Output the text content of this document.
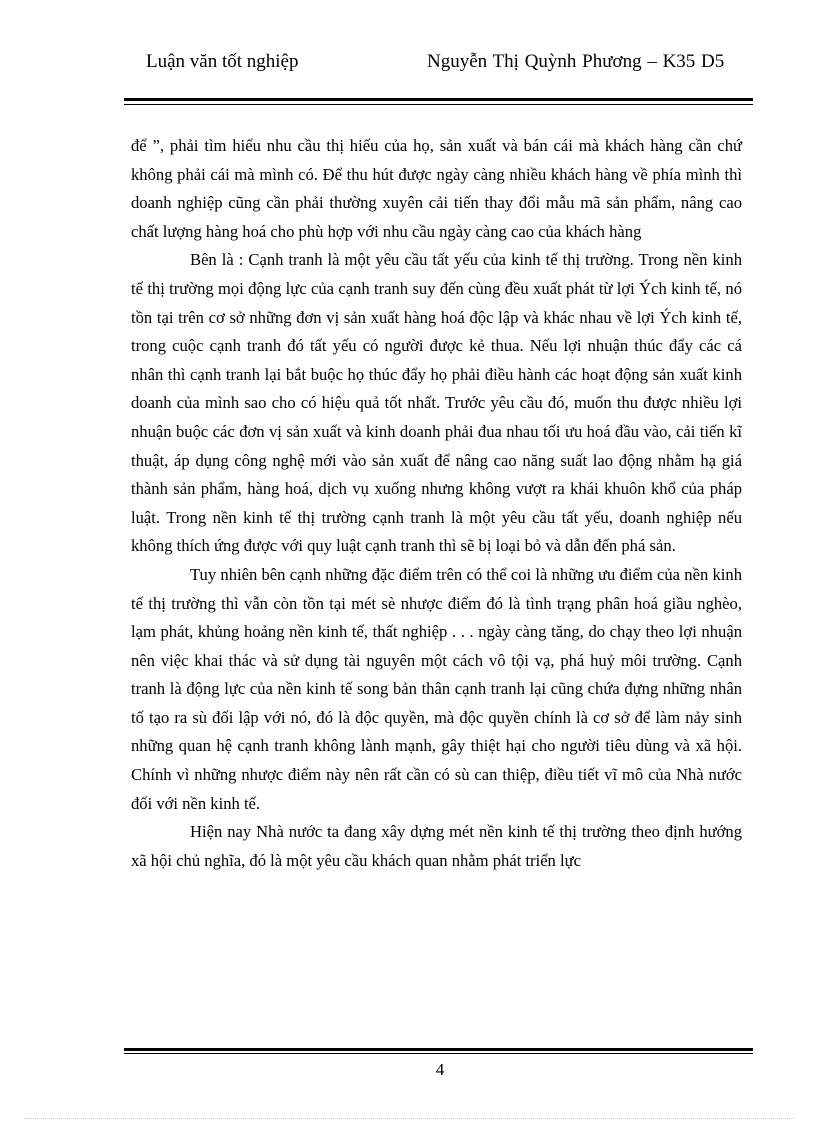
Luận văn tốt nghiệp	Nguyễn Thị Quỳnh Phương – K35 D5

để ”, phải tìm hiểu nhu cầu thị hiếu của họ, sản xuất và bán cái mà khách hàng cần chứ không phải cái mà mình có. Để thu hút được ngày càng nhiều khách hàng về phía mình thì doanh nghiệp cũng cần phải thường xuyên cải tiến thay đổi mẫu mã sản phẩm, nâng cao chất lượng hàng hoá cho phù hợp với nhu cầu ngày càng cao của khách hàng

Bên là : Cạnh tranh là một yêu cầu tất yếu của kinh tế thị trường. Trong nền kinh tế thị trường mọi động lực của cạnh tranh suy đến cùng đều xuất phát từ lợi Ých kinh tế, nó tồn tại trên cơ sở những đơn vị sản xuất hàng hoá độc lập và khác nhau về lợi Ých kinh tế, trong cuộc cạnh tranh đó tất yếu có người được kẻ thua. Nếu lợi nhuận thúc đẩy các cá nhân thì cạnh tranh lại bắt buộc họ thúc đẩy họ phải điều hành các hoạt động sản xuất kinh doanh của mình sao cho có hiệu quả tốt nhất. Trước yêu cầu đó, muốn thu được nhiều lợi nhuận buộc các đơn vị sản xuất và kinh doanh phải đua nhau tối ưu hoá đầu vào, cải tiến kĩ thuật, áp dụng công nghệ mới vào sản xuất để nâng cao năng suất lao động nhằm hạ giá thành sản phẩm, hàng hoá, dịch vụ xuống nhưng không vượt ra khái khuôn khổ của pháp luật. Trong nền kinh tế thị trường cạnh tranh là một yêu cầu tất yếu, doanh nghiệp nếu không thích ứng được với quy luật cạnh tranh thì sẽ bị loại bỏ và dẫn đến phá sản.

Tuy nhiên bên cạnh những đặc điểm trên có thể coi là những ưu điểm của nền kinh tế thị trường thì vẫn còn tồn tại mét sè nhược điểm đó là tình trạng phân hoá giầu nghèo, lạm phát, khủng hoảng nền kinh tế, thất nghiệp . . . ngày càng tăng, do chạy theo lợi nhuận nên việc khai thác và sử dụng tài nguyên một cách vô tội vạ, phá huỷ môi trường. Cạnh tranh là động lực của nền kinh tế song bản thân cạnh tranh lại cũng chứa đựng những nhân tố tạo ra sù đối lập với nó, đó là độc quyền, mà độc quyền chính là cơ sở để làm nảy sinh những quan hệ cạnh tranh không lành mạnh, gây thiệt hại cho người tiêu dùng và xã hội. Chính vì những nhược điểm này nên rất cần có sù can thiệp, điều tiết vĩ mô của Nhà nước đối với nền kinh tế.

Hiện nay Nhà nước ta đang xây dựng mét nền kinh tế thị trường theo định hướng xã hội chủ nghĩa, đó là một yêu cầu khách quan nhằm phát triển lực

4
